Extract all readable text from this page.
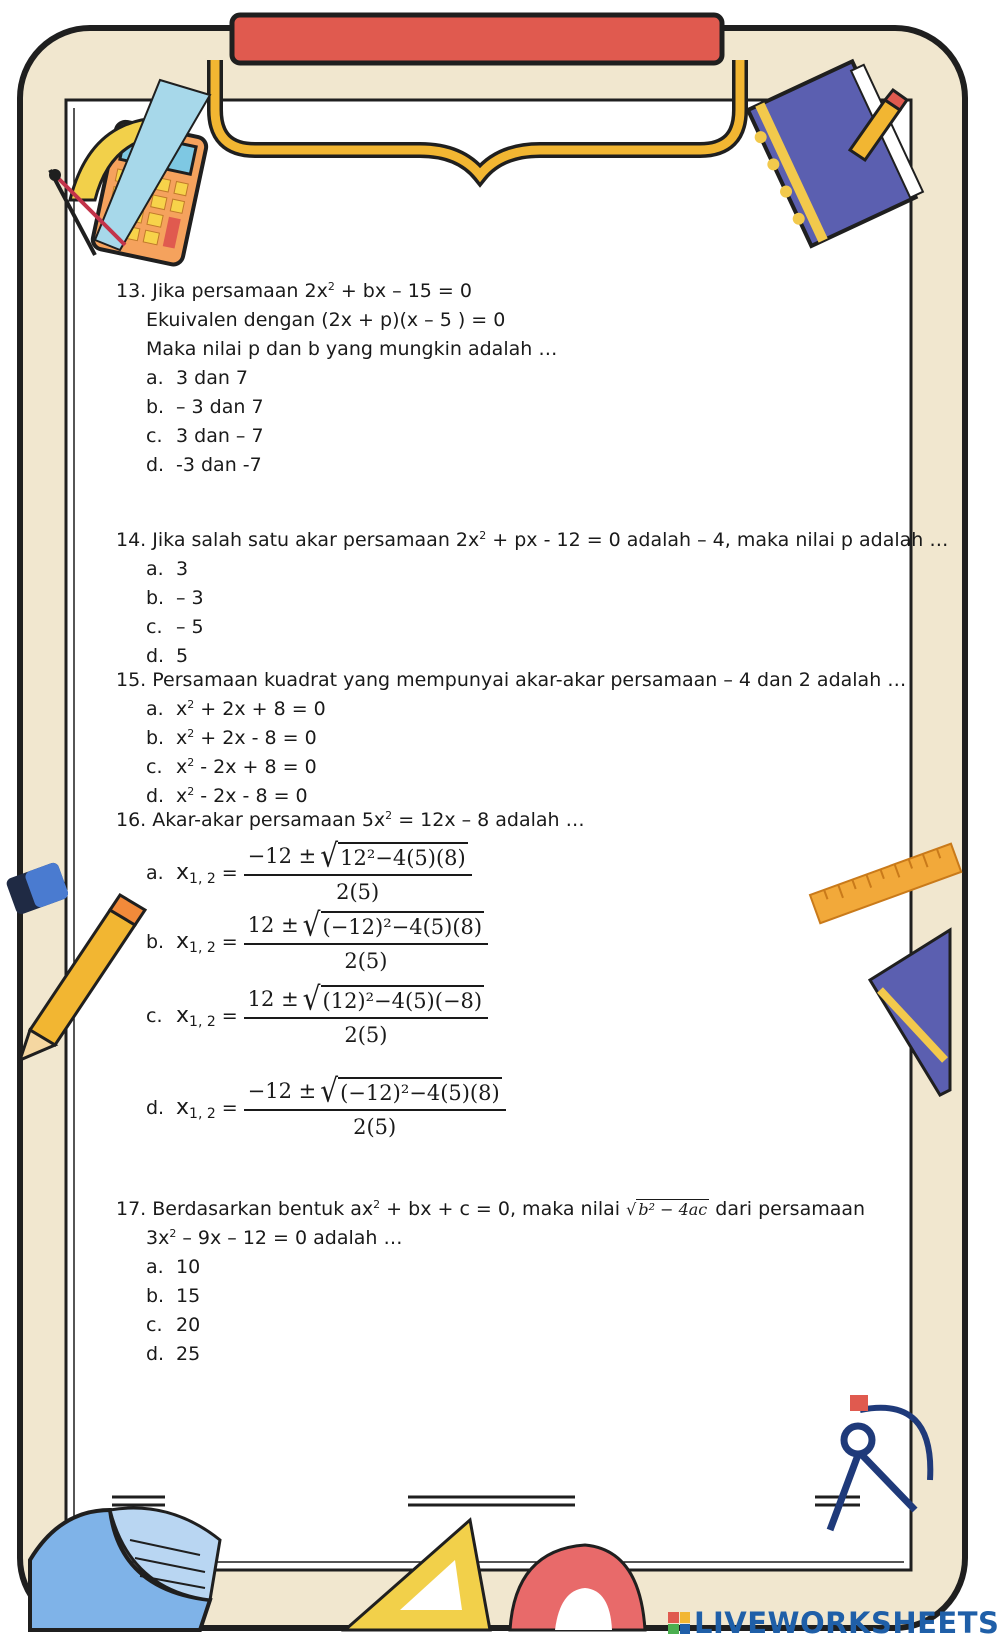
13. Jika persamaan $2x^2$ + bx – 15 = 0
Ekuivalen dengan (2x + p)(x – 5 ) = 0
Maka nilai p dan b yang mungkin adalah …
a. 3 dan 7
b. – 3 dan 7
c. 3 dan – 7
d. -3 dan -7
14. Jika salah satu akar persamaan $2x^2$ + px - 12 = 0 adalah – 4, maka nilai p adalah …
a. 3
b. – 3
c. – 5
d. 5
15. Persamaan kuadrat yang mempunyai akar-akar persamaan – 4 dan 2 adalah …
a. $x^2 + 2x + 8 = 0$
b. $x^2 + 2x - 8 = 0$
c. $x^2 - 2x + 8 = 0$
d. $x^2 - 2x - 8 = 0$
16. Akar-akar persamaan $5x^2 = 12x - 8$ adalah …
a. $x_{1, 2} = \frac{\text{−12 ± √ 12²−4(5)(8)}}{2(5)}$
b. $x_{1, 2} = \frac{\text{12 ± √ (−12)²−4(5)(8)}}{2(5)}$
c. $x_{1, 2} = \frac{\text{12 ± √ (12)²−4(5)(−8)}}{2(5)}$
d. $x_{1, 2} = \frac{\text{−12 ± √ (−12)²−4(5)(8)}}{2(5)}$
17. Berdasarkan bentuk $ax^2$ + bx + c = 0, maka nilai √ b² − 4ac dari persamaan
$3x^2 - 9x - 12 = 0$ adalah …
a. 10
b. 15
c. 20
d. 25
LIVEWORKSHEETS
